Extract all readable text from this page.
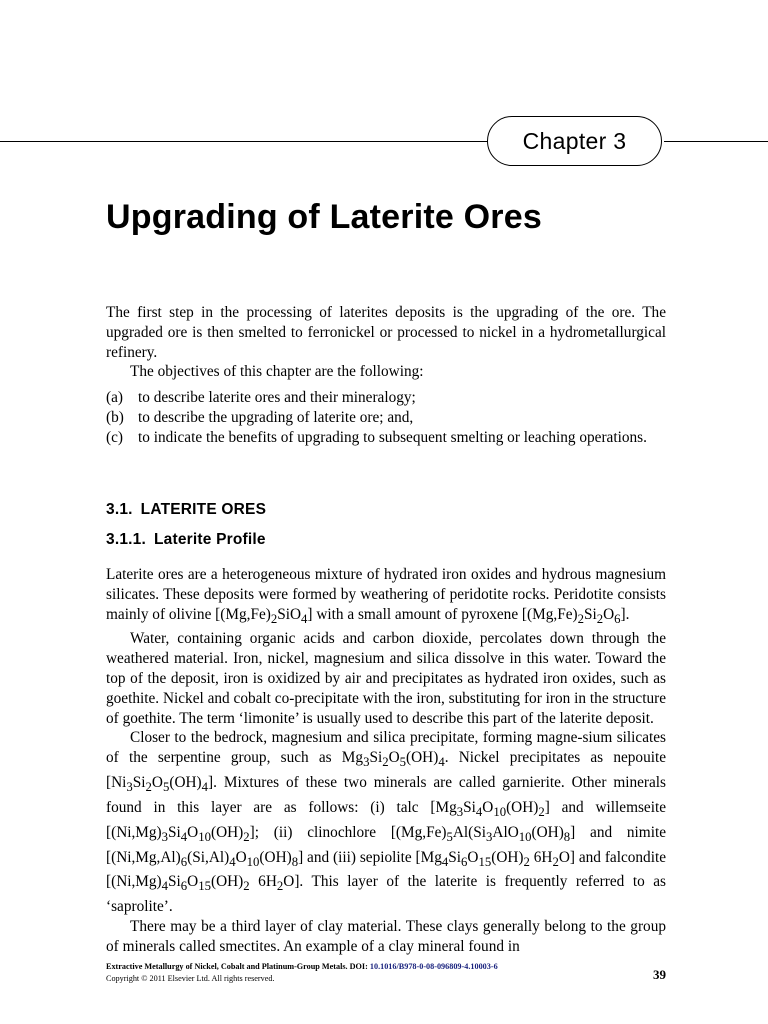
Chapter 3
Upgrading of Laterite Ores

The first step in the processing of laterites deposits is the upgrading of the ore. The upgraded ore is then smelted to ferronickel or processed to nickel in a hydrometallurgical refinery.

The objectives of this chapter are the following:

(a) to describe laterite ores and their mineralogy;
(b) to describe the upgrading of laterite ore; and,
(c) to indicate the benefits of upgrading to subsequent smelting or leaching operations.
3.1. LATERITE ORES
3.1.1. Laterite Profile

Laterite ores are a heterogeneous mixture of hydrated iron oxides and hydrous magnesium silicates. These deposits were formed by weathering of peridotite rocks. Peridotite consists mainly of olivine $[(Mg,Fe)_2SiO_4]$ with a small amount of pyroxene $[(Mg,Fe)_2Si_2O_6]$.

Water, containing organic acids and carbon dioxide, percolates down through the weathered material. Iron, nickel, magnesium and silica dissolve in this water. Toward the top of the deposit, iron is oxidized by air and precipitates as hydrated iron oxides, such as goethite. Nickel and cobalt co-precipitate with the iron, substituting for iron in the structure of goethite. The term ‘limonite’ is usually used to describe this part of the laterite deposit.

Closer to the bedrock, magnesium and silica precipitate, forming magne-sium silicates of the serpentine group, such as $Mg_3Si_2O_5(OH)_4$. Nickel precipitates as nepouite $[Ni_3Si_2O_5(OH)_4]$. Mixtures of these two minerals are called garnierite. Other minerals found in this layer are as follows: (i) talc $[Mg_3Si_4O_{10}(OH)_2]$ and willemseite $[(Ni,Mg)_3Si_4O_{10}(OH)_2]$; (ii) clinochlore [$(Mg,Fe)_5Al(Si_3AlO_{10}(OH)_8]$ and nimite $[(Ni,Mg,Al)_6(Si,Al)_4O_{10}(OH)_8]$ and (iii) sepiolite [$Mg_4Si_6O_{15}(OH)_2$ $6H_2O$] and falcondite [$(Ni,Mg)_4Si_6O_{15}(OH)_2$ $6H_2O$]. This layer of the laterite is frequently referred to as ‘saprolite’.

There may be a third layer of clay material. These clays generally belong to the group of minerals called smectites. An example of a clay mineral found in

Extractive Metallurgy of Nickel, Cobalt and Platinum-Group Metals. DOI: 10.1016/B978-0-08-096809-4.10003-6
Copyright © 2011 Elsevier Ltd. All rights reserved.	39
